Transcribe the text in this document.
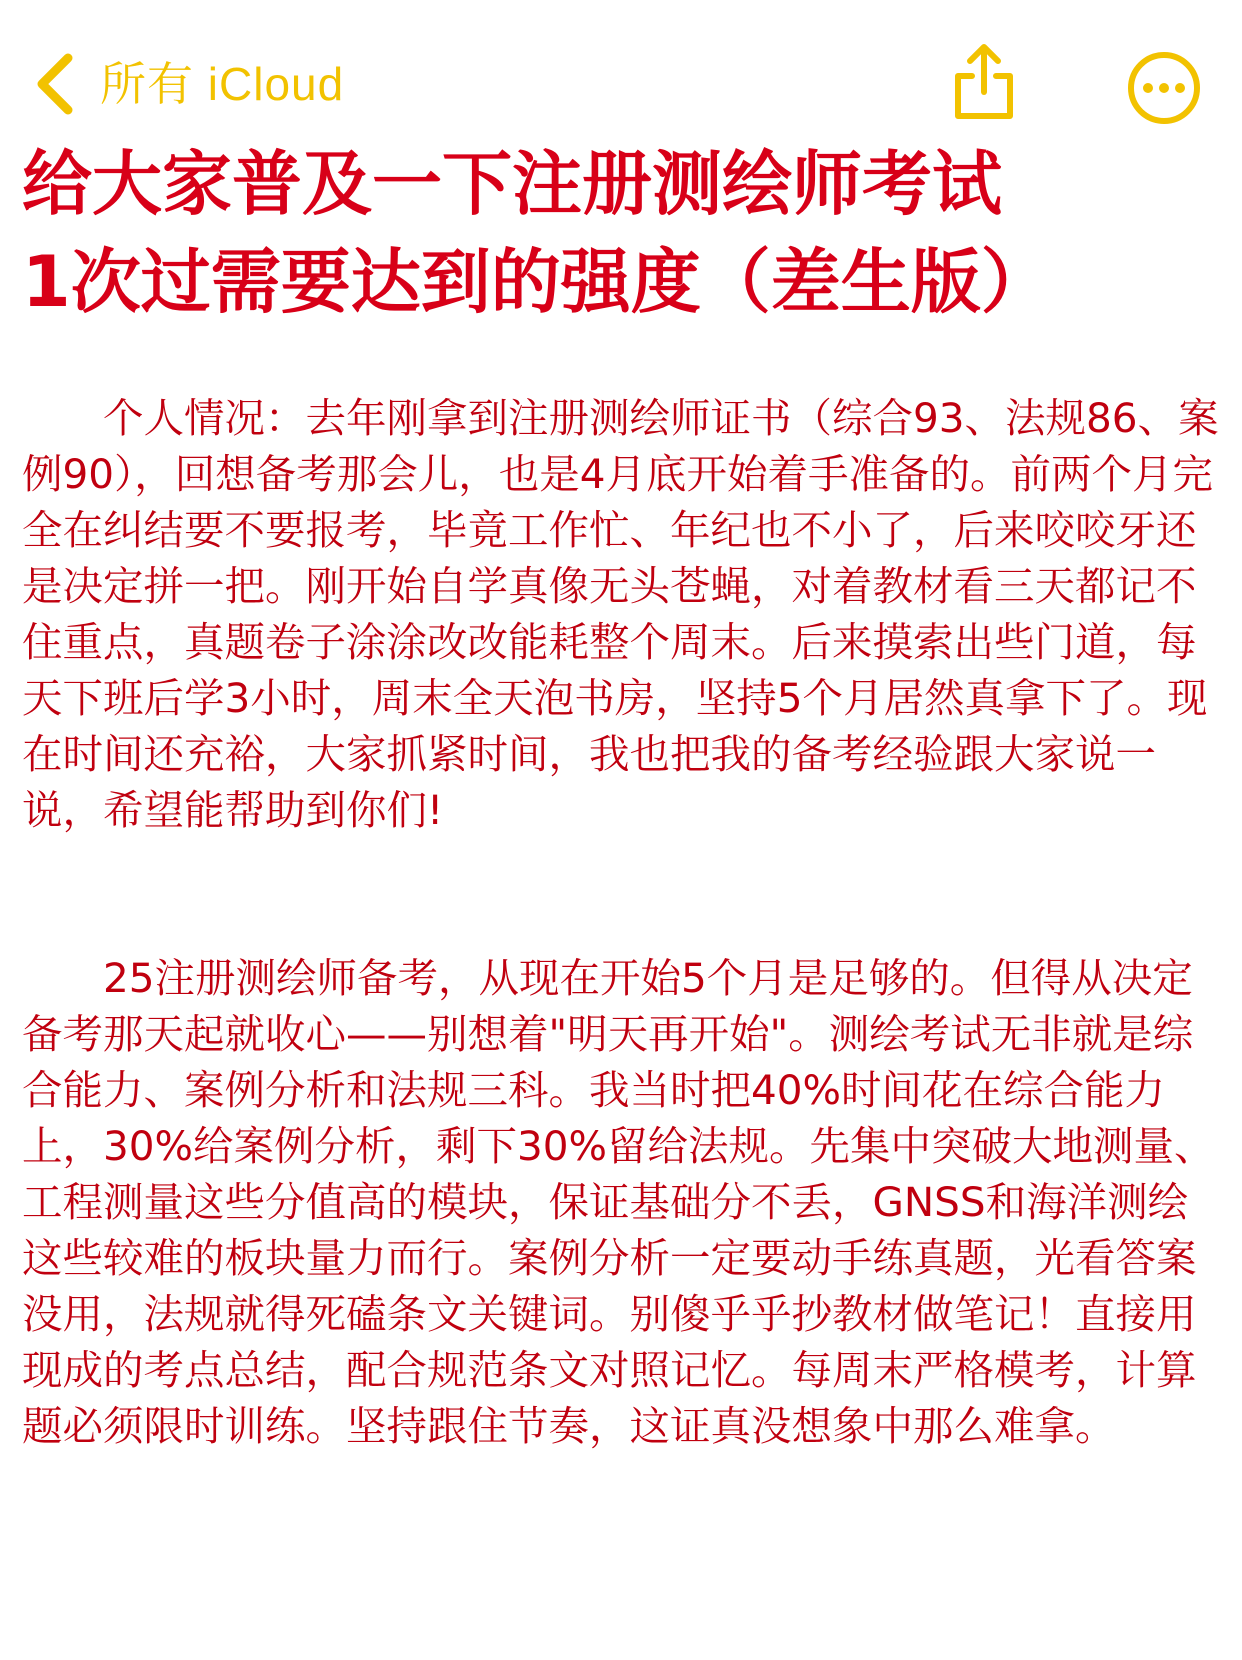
所有 iCloud
给大家普及一下注册测绘师考试
1次过需要达到的强度（差生版）

个人情况：去年刚拿到注册测绘师证书（综合93、法规86、案例90），回想备考那会儿，也是4月底开始着手准备的。前两个月完全在纠结要不要报考，毕竟工作忙、年纪也不小了，后来咬咬牙还是决定拼一把。刚开始自学真像无头苍蝇，对着教材看三天都记不住重点，真题卷子涂涂改改能耗整个周末。后来摸索出些门道，每天下班后学3小时，周末全天泡书房，坚持5个月居然真拿下了。现在时间还充裕，大家抓紧时间，我也把我的备考经验跟大家说一说，希望能帮助到你们!

25注册测绘师备考，从现在开始5个月是足够的。但得从决定备考那天起就收心——别想着"明天再开始"。测绘考试无非就是综合能力、案例分析和法规三科。我当时把40%时间花在综合能力上，30%给案例分析，剩下30%留给法规。先集中突破大地测量、工程测量这些分值高的模块，保证基础分不丢，GNSS和海洋测绘这些较难的板块量力而行。案例分析一定要动手练真题，光看答案没用，法规就得死磕条文关键词。别傻乎乎抄教材做笔记！直接用现成的考点总结，配合规范条文对照记忆。每周末严格模考，计算题必须限时训练。坚持跟住节奏，这证真没想象中那么难拿。
